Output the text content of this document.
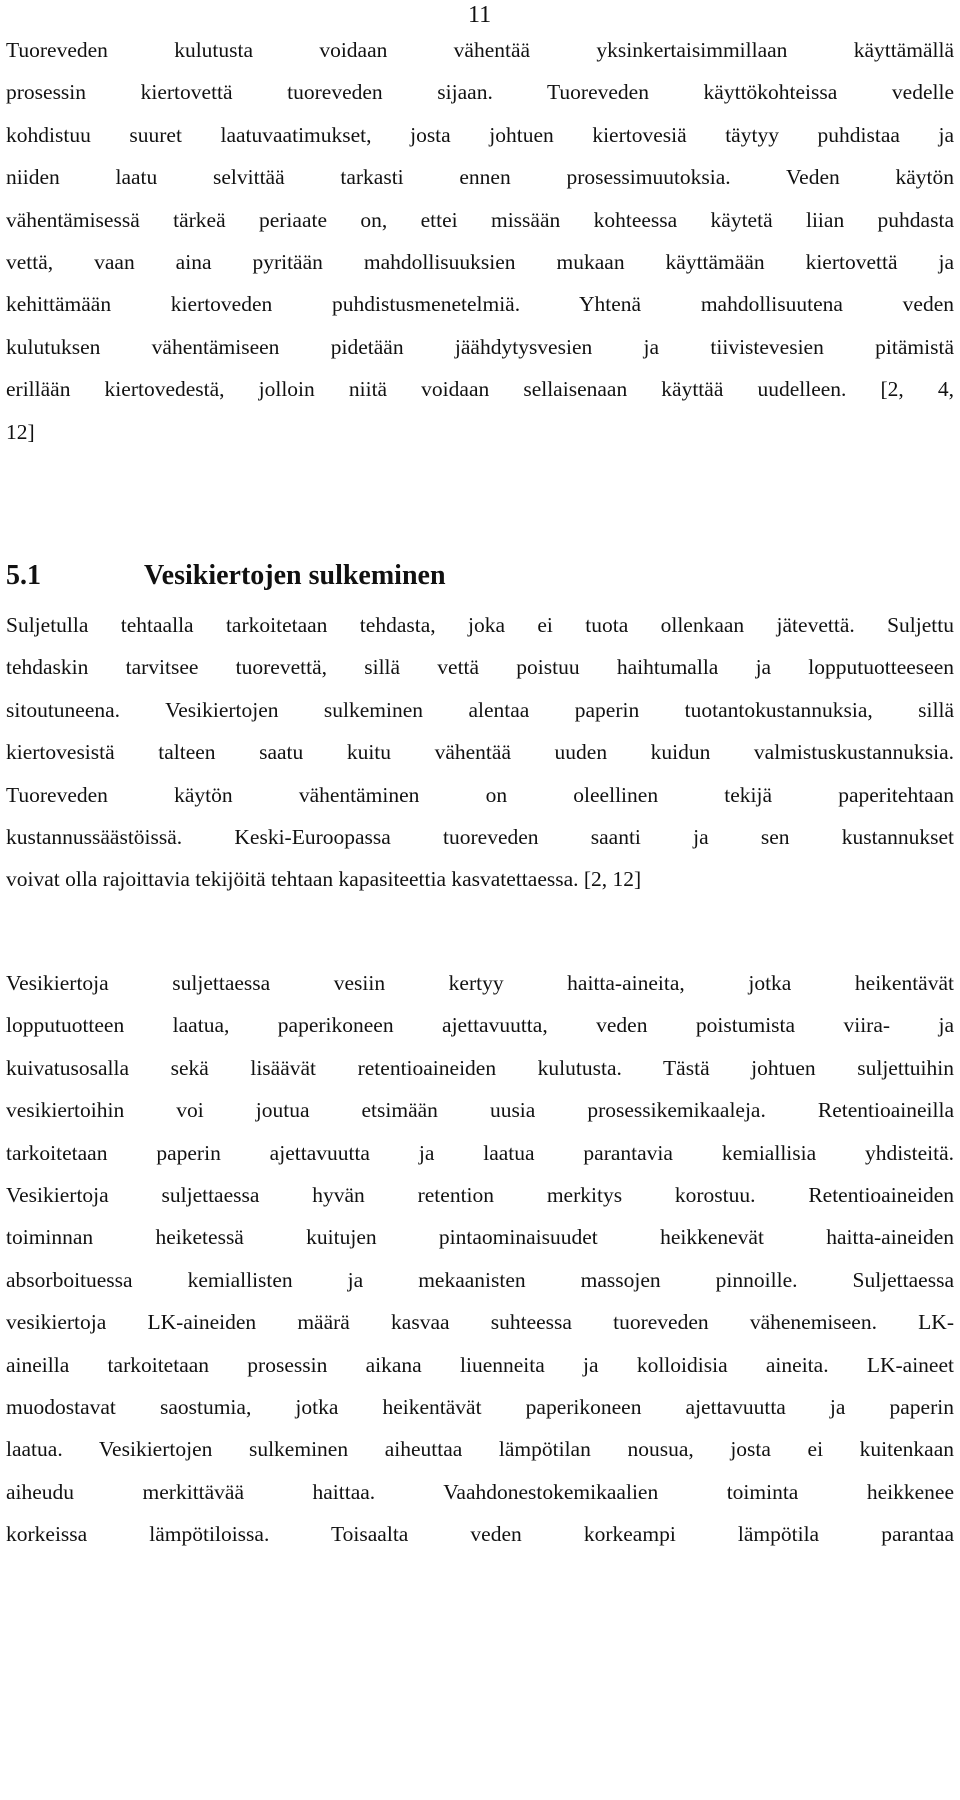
11
Tuoreveden kulutusta voidaan vähentää yksinkertaisimmillaan käyttämällä
prosessin kiertovettä tuoreveden sijaan. Tuoreveden käyttökohteissa vedelle
kohdistuu suuret laatuvaatimukset, josta johtuen kiertovesiä täytyy puhdistaa ja
niiden laatu selvittää tarkasti ennen prosessimuutoksia. Veden käytön
vähentämisessä tärkeä periaate on, ettei missään kohteessa käytetä liian puhdasta
vettä, vaan aina pyritään mahdollisuuksien mukaan käyttämään kiertovettä ja
kehittämään kiertoveden puhdistusmenetelmiä. Yhtenä mahdollisuutena veden
kulutuksen vähentämiseen pidetään jäähdytysvesien ja tiivistevesien pitämistä
erillään kiertovedestä, jolloin niitä voidaan sellaisenaan käyttää uudelleen. [2, 4,
12]
5.1	Vesikiertojen sulkeminen
Suljetulla tehtaalla tarkoitetaan tehdasta, joka ei tuota ollenkaan jätevettä. Suljettu
tehdaskin tarvitsee tuorevettä, sillä vettä poistuu haihtumalla ja lopputuotteeseen
sitoutuneena. Vesikiertojen sulkeminen alentaa paperin tuotantokustannuksia, sillä
kiertovesistä talteen saatu kuitu vähentää uuden kuidun valmistuskustannuksia.
Tuoreveden käytön vähentäminen on oleellinen tekijä paperitehtaan
kustannussäästöissä. Keski-Euroopassa tuoreveden saanti ja sen kustannukset
voivat olla rajoittavia tekijöitä tehtaan kapasiteettia kasvatettaessa. [2, 12]
Vesikiertoja suljettaessa vesiin kertyy haitta-aineita, jotka heikentävät
lopputuotteen laatua, paperikoneen ajettavuutta, veden poistumista viira- ja
kuivatusosalla sekä lisäävät retentioaineiden kulutusta. Tästä johtuen suljettuihin
vesikiertoihin voi joutua etsimään uusia prosessikemikaaleja. Retentioaineilla
tarkoitetaan paperin ajettavuutta ja laatua parantavia kemiallisia yhdisteitä.
Vesikiertoja suljettaessa hyvän retention merkitys korostuu. Retentioaineiden
toiminnan heiketessä kuitujen pintaominaisuudet heikkenevät haitta-aineiden
absorboituessa kemiallisten ja mekaanisten massojen pinnoille. Suljettaessa
vesikiertoja LK-aineiden määrä kasvaa suhteessa tuoreveden vähenemiseen. LK-
aineilla tarkoitetaan prosessin aikana liuenneita ja kolloidisia aineita. LK-aineet
muodostavat saostumia, jotka heikentävät paperikoneen ajettavuutta ja paperin
laatua. Vesikiertojen sulkeminen aiheuttaa lämpötilan nousua, josta ei kuitenkaan
aiheudu merkittävää haittaa. Vaahdonestokemikaalien toiminta heikkenee
korkeissa lämpötiloissa. Toisaalta veden korkeampi lämpötila parantaa
